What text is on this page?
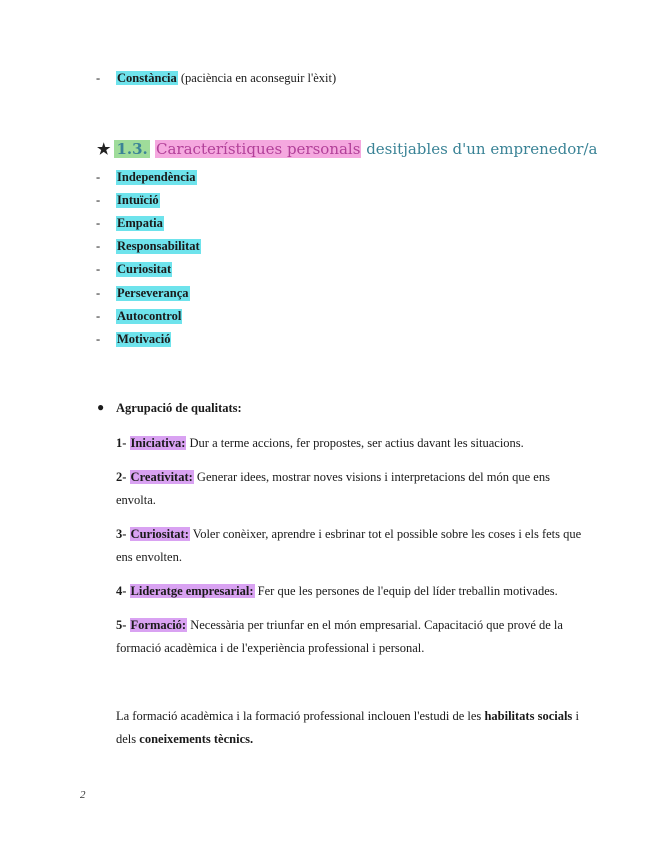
- Constància (paciència en aconseguir l'èxit)
★ 1.3. Característiques personals desitjables d'un emprenedor/a
- Independència
- Intuïció
- Empatia
- Responsabilitat
- Curiositat
- Perseverança
- Autocontrol
- Motivació
● Agrupació de qualitats:
1- Iniciativa: Dur a terme accions, fer propostes, ser actius davant les situacions.
2- Creativitat: Generar idees, mostrar noves visions i interpretacions del món que ens envolta.
3- Curiositat: Voler conèixer, aprendre i esbrinar tot el possible sobre les coses i els fets que ens envolten.
4- Lideratge empresarial: Fer que les persones de l'equip del líder treballin motivades.
5- Formació: Necessària per triunfar en el món empresarial. Capacitació que prové de la formació acadèmica i de l'experiència professional i personal.
La formació acadèmica i la formació professional inclouen l'estudi de les habilitats socials i dels coneixements tècnics.
2
